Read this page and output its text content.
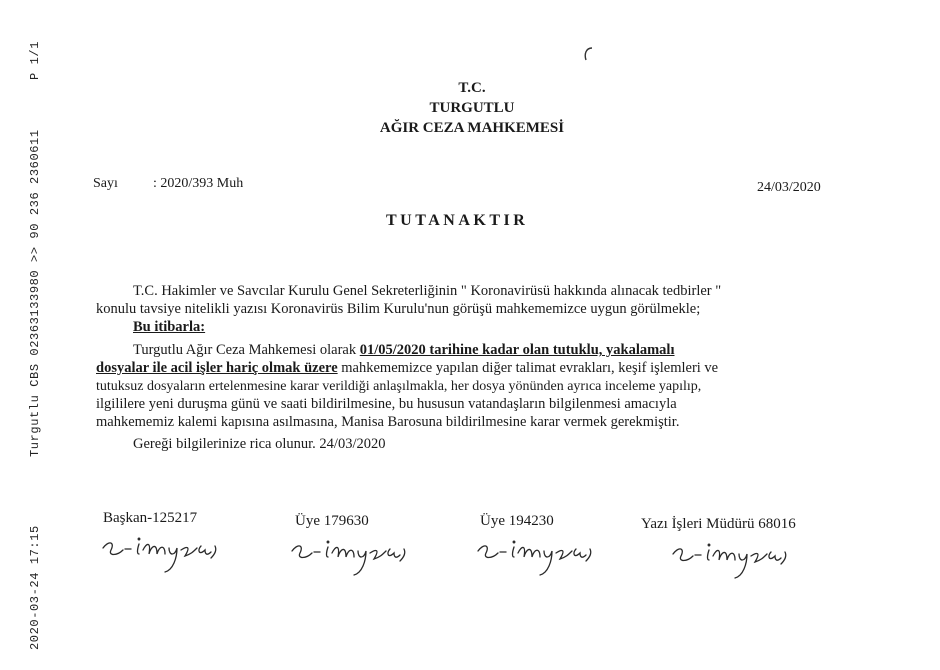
P 1/1
Turgutlu CBS 02363133980 >> 90 236 2360611
2020-03-24 17:15
T.C.
TURGUTLU
AĞIR CEZA MAHKEMESİ
Sayı	: 2020/393 Muh	24/03/2020
TUTANAKTIR
T.C. Hakimler ve Savcılar Kurulu Genel Sekreterliğinin " Koronavirüsü hakkında alınacak tedbirler "
konulu tavsiye nitelikli yazısı Koronavirüs Bilim Kurulu'nun görüşü mahkememizce uygun görülmekle;
Bu itibarla:
Turgutlu Ağır Ceza Mahkemesi olarak 01/05/2020 tarihine kadar olan tutuklu, yakalamalı
dosyalar ile acil işler hariç olmak üzere mahkememizce yapılan diğer talimat evrakları, keşif işlemleri ve
tutuksuz dosyaların ertelenmesine karar verildiği anlaşılmakla, her dosya yönünden ayrıca inceleme yapılıp,
ilgililere yeni duruşma günü ve saati bildirilmesine, bu hususun vatandaşların bilgilenmesi amacıyla
mahkememiz kalemi kapısına asılmasına, Manisa Barosuna bildirilmesine karar vermek gerekmiştir.
Gereği bilgilerinize rica olunur. 24/03/2020
Başkan-125217	Üye 179630	Üye 194230	Yazı İşleri Müdürü 68016
